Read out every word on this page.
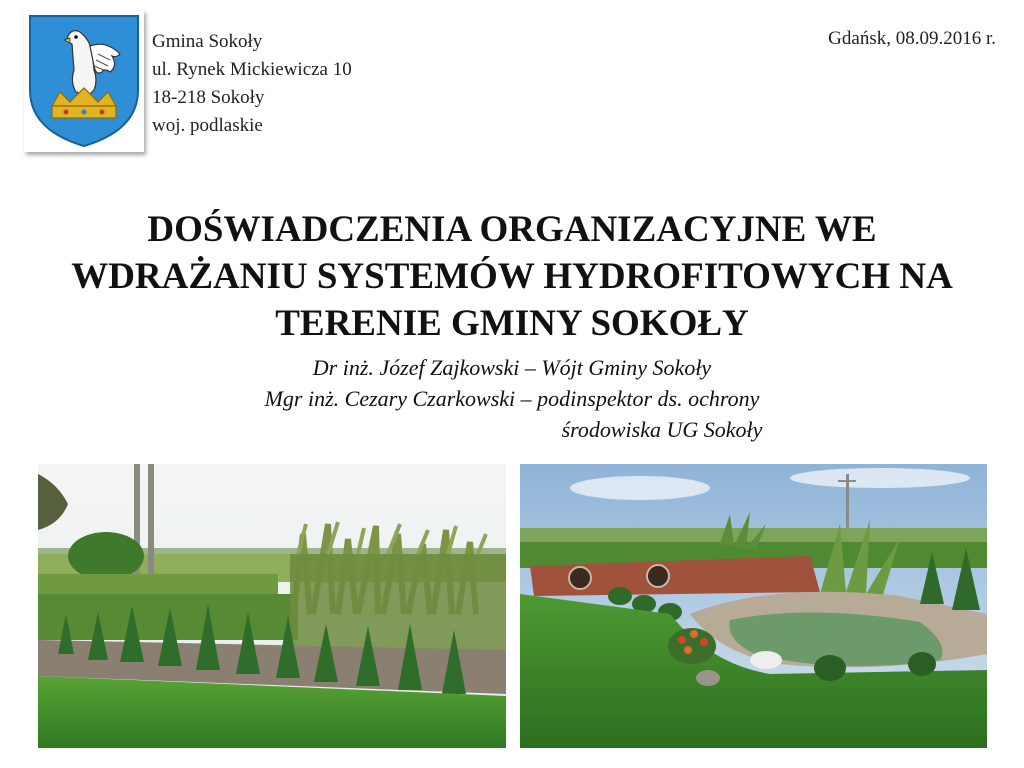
Gmina Sokoły
ul. Rynek Mickiewicza 10
18-218 Sokoły
woj. podlaskie
Gdańsk, 08.09.2016 r.
DOŚWIADCZENIA ORGANIZACYJNE WE
WDRAŻANIU SYSTEMÓW HYDROFITOWYCH NA
TERENIE GMINY SOKOŁY
Dr inż. Józef Zajkowski – Wójt Gminy Sokoły
Mgr inż. Cezary Czarkowski – podinspektor ds. ochrony
środowiska UG Sokoły
